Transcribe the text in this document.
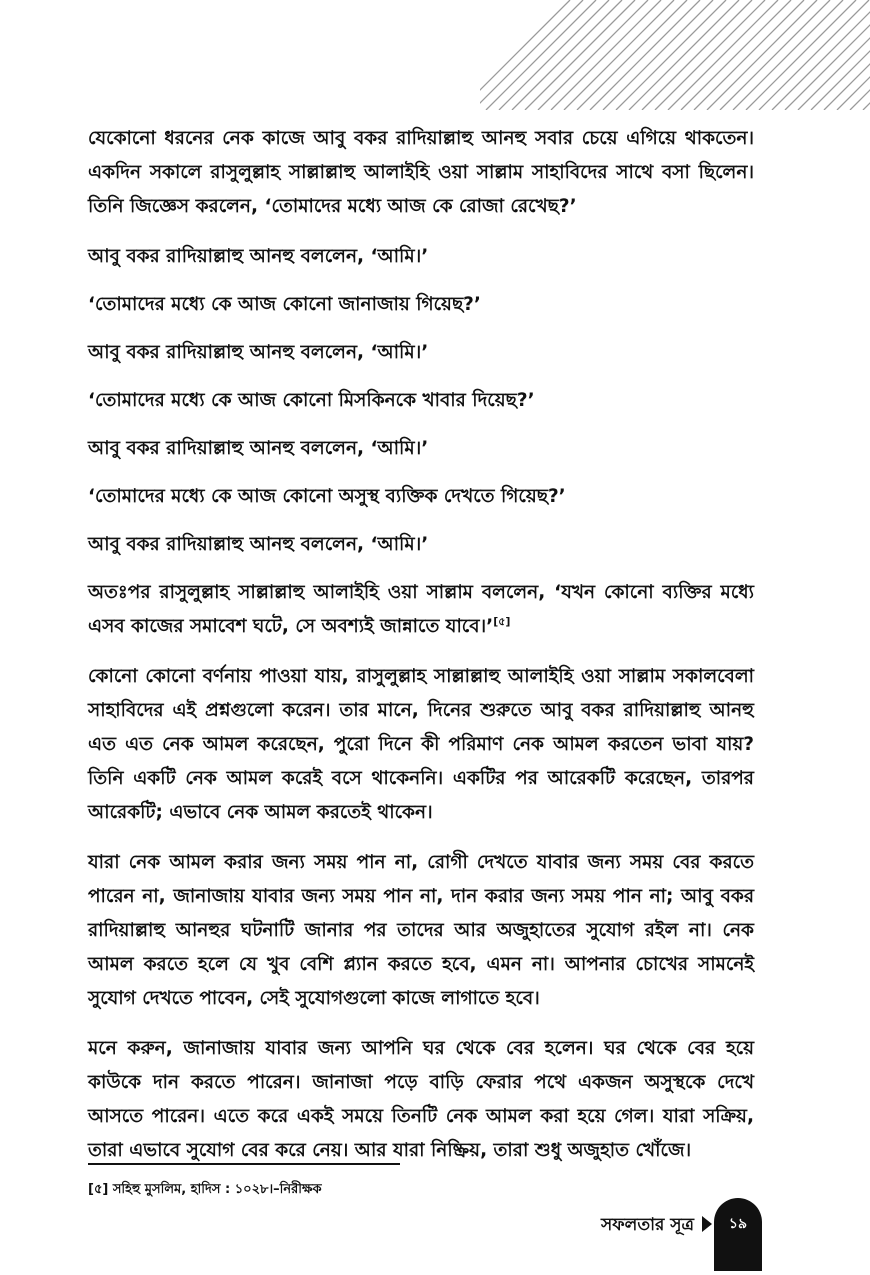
যেকোনো ধরনের নেক কাজে আবু বকর রাদিয়াল্লাহু আনহু সবার চেয়ে এগিয়ে থাকতেন। একদিন সকালে রাসুলুল্লাহ সাল্লাল্লাহু আলাইহি ওয়া সাল্লাম সাহাবিদের সাথে বসা ছিলেন। তিনি জিজ্ঞেস করলেন, ‘তোমাদের মধ্যে আজ কে রোজা রেখেছ?’

আবু বকর রাদিয়াল্লাহু আনহু বললেন, ‘আমি।’

‘তোমাদের মধ্যে কে আজ কোনো জানাজায় গিয়েছ?’

আবু বকর রাদিয়াল্লাহু আনহু বললেন, ‘আমি।’

‘তোমাদের মধ্যে কে আজ কোনো মিসকিনকে খাবার দিয়েছ?’

আবু বকর রাদিয়াল্লাহু আনহু বললেন, ‘আমি।’

‘তোমাদের মধ্যে কে আজ কোনো অসুস্থ ব্যক্তিক দেখতে গিয়েছ?’

আবু বকর রাদিয়াল্লাহু আনহু বললেন, ‘আমি।’

অতঃপর রাসুলুল্লাহ সাল্লাল্লাহু আলাইহি ওয়া সাল্লাম বললেন, ‘যখন কোনো ব্যক্তির মধ্যে এসব কাজের সমাবেশ ঘটে, সে অবশ্যই জান্নাতে যাবে।’[৫]

কোনো কোনো বর্ণনায় পাওয়া যায়, রাসুলুল্লাহ সাল্লাল্লাহু আলাইহি ওয়া সাল্লাম সকালবেলা সাহাবিদের এই প্রশ্নগুলো করেন। তার মানে, দিনের শুরুতে আবু বকর রাদিয়াল্লাহু আনহু এত এত নেক আমল করেছেন, পুরো দিনে কী পরিমাণ নেক আমল করতেন ভাবা যায়? তিনি একটি নেক আমল করেই বসে থাকেননি। একটির পর আরেকটি করেছেন, তারপর আরেকটি; এভাবে নেক আমল করতেই থাকেন।

যারা নেক আমল করার জন্য সময় পান না, রোগী দেখতে যাবার জন্য সময় বের করতে পারেন না, জানাজায় যাবার জন্য সময় পান না, দান করার জন্য সময় পান না; আবু বকর রাদিয়াল্লাহু আনহুর ঘটনাটি জানার পর তাদের আর অজুহাতের সুযোগ রইল না। নেক আমল করতে হলে যে খুব বেশি প্ল্যান করতে হবে, এমন না। আপনার চোখের সামনেই সুযোগ দেখতে পাবেন, সেই সুযোগগুলো কাজে লাগাতে হবে।

মনে করুন, জানাজায় যাবার জন্য আপনি ঘর থেকে বের হলেন। ঘর থেকে বের হয়ে কাউকে দান করতে পারেন। জানাজা পড়ে বাড়ি ফেরার পথে একজন অসুস্থকে দেখে আসতে পারেন। এতে করে একই সময়ে তিনটি নেক আমল করা হয়ে গেল। যারা সক্রিয়, তারা এভাবে সুযোগ বের করে নেয়। আর যারা নিষ্ক্রিয়, তারা শুধু অজুহাত খোঁজে।

[৫] সহিহু মুসলিম, হাদিস : ১০২৮।–নিরীক্ষক
সফলতার সূত্র	১৯
